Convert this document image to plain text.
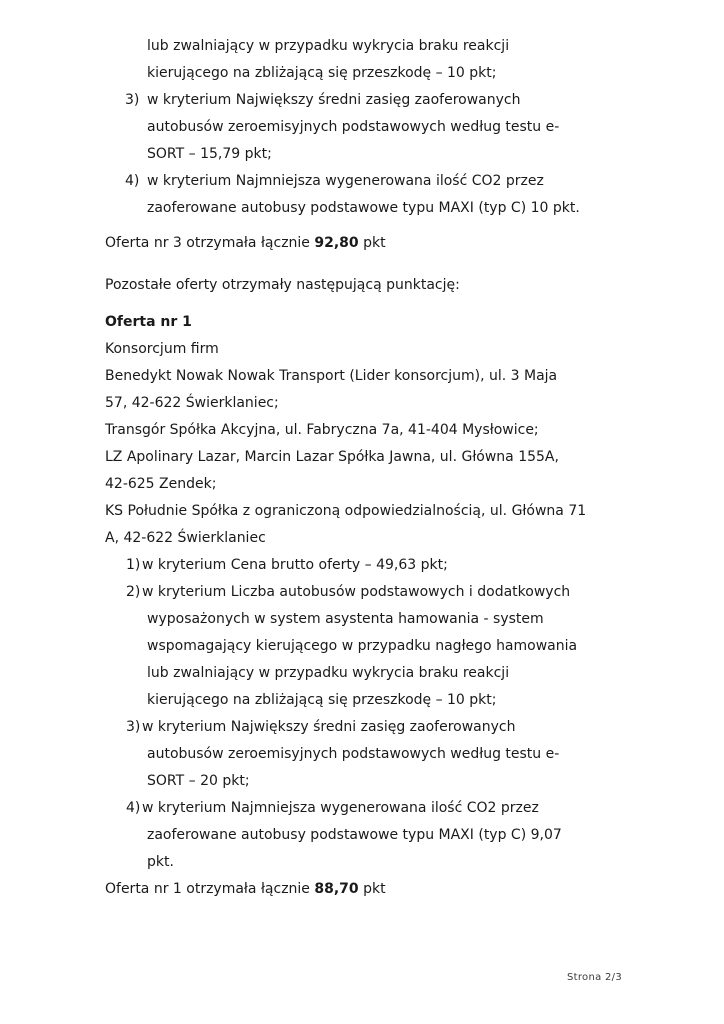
lub zwalniający w przypadku wykrycia braku reakcji
kierującego na zbliżającą się przeszkodę – 10 pkt;
3) w kryterium Największy średni zasięg zaoferowanych
autobusów zeroemisyjnych podstawowych według testu e-
SORT – 15,79 pkt;
4) w kryterium Najmniejsza wygenerowana ilość CO2 przez
zaoferowane autobusy podstawowe typu MAXI (typ C) 10 pkt.
Oferta nr 3 otrzymała łącznie 92,80 pkt
Pozostałe oferty otrzymały następującą punktację:
Oferta nr 1
Konsorcjum firm
Benedykt Nowak Nowak Transport (Lider konsorcjum), ul. 3 Maja
57, 42-622 Świerklaniec;
Transgór Spółka Akcyjna, ul. Fabryczna 7a, 41-404 Mysłowice;
LZ Apolinary Lazar, Marcin Lazar Spółka Jawna, ul. Główna 155A,
42-625 Zendek;
KS Południe Spółka z ograniczoną odpowiedzialnością, ul. Główna 71
A, 42-622 Świerklaniec
1) w kryterium Cena brutto oferty – 49,63 pkt;
2) w kryterium Liczba autobusów podstawowych i dodatkowych
wyposażonych w system asystenta hamowania - system
wspomagający kierującego w przypadku nagłego hamowania
lub zwalniający w przypadku wykrycia braku reakcji
kierującego na zbliżającą się przeszkodę – 10 pkt;
3) w kryterium Największy średni zasięg zaoferowanych
autobusów zeroemisyjnych podstawowych według testu e-
SORT – 20 pkt;
4) w kryterium Najmniejsza wygenerowana ilość CO2 przez
zaoferowane autobusy podstawowe typu MAXI (typ C) 9,07
pkt.
Oferta nr 1 otrzymała łącznie 88,70 pkt
Strona 2/3
